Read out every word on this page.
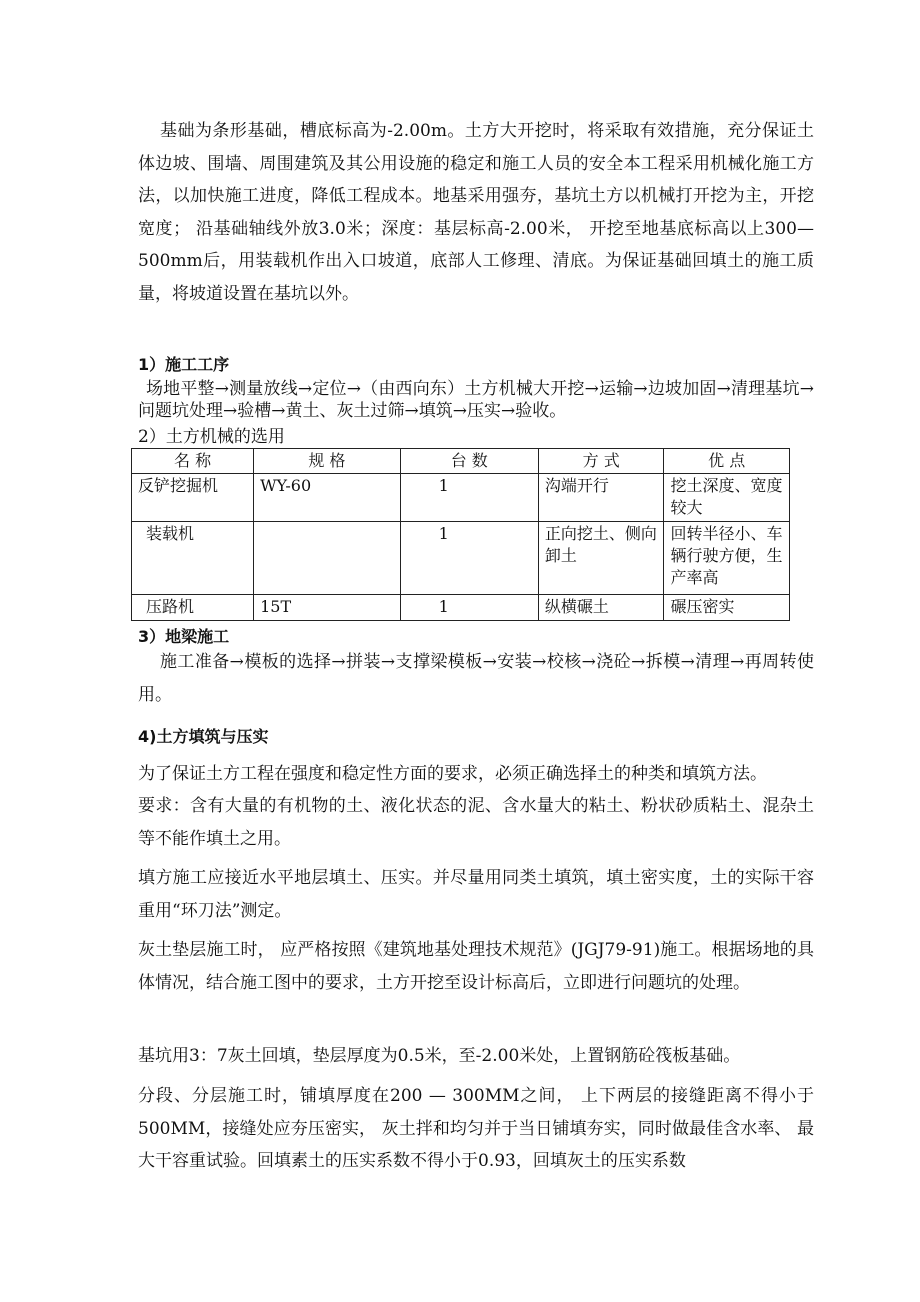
基础为条形基础，槽底标高为-2.00m。土方大开挖时，将采取有效措施，充分保证土体边坡、围墙、周围建筑及其公用设施的稳定和施工人员的安全本工程采用机械化施工方法，以加快施工进度，降低工程成本。地基采用强夯，基坑土方以机械打开挖为主，开挖宽度； 沿基础轴线外放3.0米；深度：基层标高-2.00米， 开挖至地基底标高以上300—500mm后，用装载机作出入口坡道，底部人工修理、清底。为保证基础回填土的施工质量，将坡道设置在基坑以外。

1）施工工序

场地平整→测量放线→定位→（由西向东）土方机械大开挖→运输→边坡加固→清理基坑→问题坑处理→验槽→黄土、灰土过筛→填筑→压实→验收。

2）土方机械的选用

名 称	规 格	台 数	方 式	优 点
反铲挖掘机	WY-60	1	沟端开行	挖土深度、宽度较大
装载机		1	正向挖土、侧向卸土	回转半径小、车辆行驶方便，生产率高
压路机	15T	1	纵横碾土	碾压密实
3）地梁施工

施工准备→模板的选择→拼装→支撑梁模板→安装→校核→浇砼→拆模→清理→再周转使用。

4)土方填筑与压实

为了保证土方工程在强度和稳定性方面的要求，必须正确选择土的种类和填筑方法。

要求：含有大量的有机物的土、液化状态的泥、含水量大的粘土、粉状砂质粘土、混杂土等不能作填土之用。

填方施工应接近水平地层填土、压实。并尽量用同类土填筑，填土密实度，土的实际干容重用“环刀法”测定。

灰土垫层施工时， 应严格按照《建筑地基处理技术规范》(JGJ79-91)施工。根据场地的具体情况，结合施工图中的要求，土方开挖至设计标高后，立即进行问题坑的处理。

基坑用3：7灰土回填，垫层厚度为0.5米，至-2.00米处，上置钢筋砼筏板基础。

分段、分层施工时，铺填厚度在200 — 300MM之间， 上下两层的接缝距离不得小于500MM，接缝处应夯压密实， 灰土拌和均匀并于当日铺填夯实，同时做最佳含水率、 最大干容重试验。回填素土的压实系数不得小于0.93，回填灰土的压实系数
